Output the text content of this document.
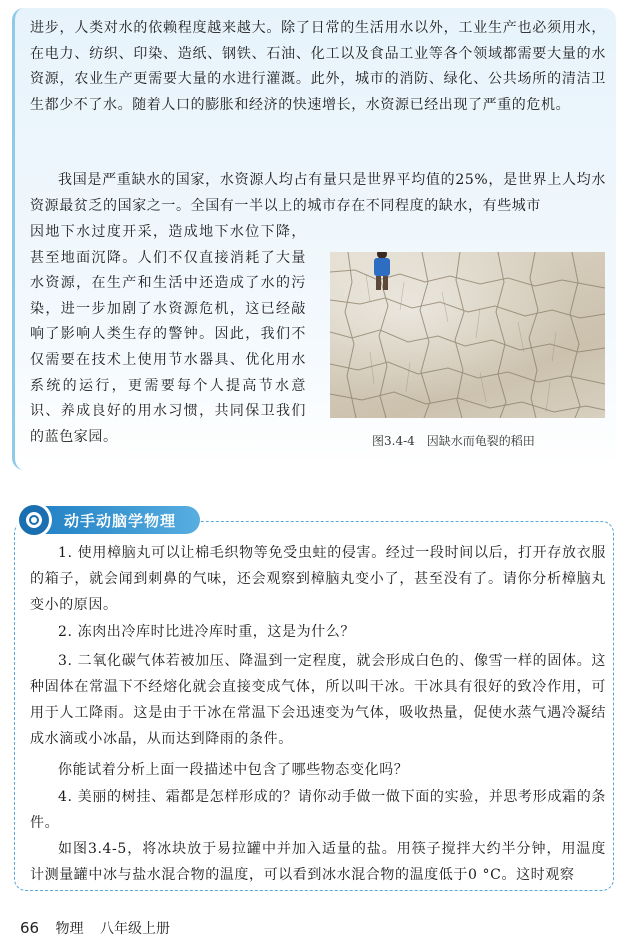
进步，人类对水的依赖程度越来越大。除了日常的生活用水以外，工业生产也必须用水，在电力、纺织、印染、造纸、钢铁、石油、化工以及食品工业等各个领域都需要大量的水资源，农业生产更需要大量的水进行灌溉。此外，城市的消防、绿化、公共场所的清洁卫生都少不了水。随着人口的膨胀和经济的快速增长，水资源已经出现了严重的危机。
我国是严重缺水的国家，水资源人均占有量只是世界平均值的25%，是世界上人均水资源最贫乏的国家之一。全国有一半以上的城市存在不同程度的缺水，有些城市
因地下水过度开采，造成地下水位下降，甚至地面沉降。人们不仅直接消耗了大量水资源，在生产和生活中还造成了水的污染，进一步加剧了水资源危机，这已经敲响了影响人类生存的警钟。因此，我们不仅需要在技术上使用节水器具、优化用水系统的运行，更需要每个人提高节水意识、养成良好的用水习惯，共同保卫我们的蓝色家园。	图3.4-4　因缺水而龟裂的稻田
动手动脑学物理
1. 使用樟脑丸可以让棉毛织物等免受虫蛀的侵害。经过一段时间以后，打开存放衣服的箱子，就会闻到刺鼻的气味，还会观察到樟脑丸变小了，甚至没有了。请你分析樟脑丸变小的原因。
2. 冻肉出冷库时比进冷库时重，这是为什么？
3. 二氧化碳气体若被加压、降温到一定程度，就会形成白色的、像雪一样的固体。这种固体在常温下不经熔化就会直接变成气体，所以叫干冰。干冰具有很好的致冷作用，可用于人工降雨。这是由于干冰在常温下会迅速变为气体，吸收热量，促使水蒸气遇冷凝结成水滴或小冰晶，从而达到降雨的条件。
你能试着分析上面一段描述中包含了哪些物态变化吗？
4. 美丽的树挂、霜都是怎样形成的？请你动手做一做下面的实验，并思考形成霜的条件。
如图3.4-5，将冰块放于易拉罐中并加入适量的盐。用筷子搅拌大约半分钟，用温度计测量罐中冰与盐水混合物的温度，可以看到冰水混合物的温度低于0 °C。这时观察
66 物理 八年级上册
